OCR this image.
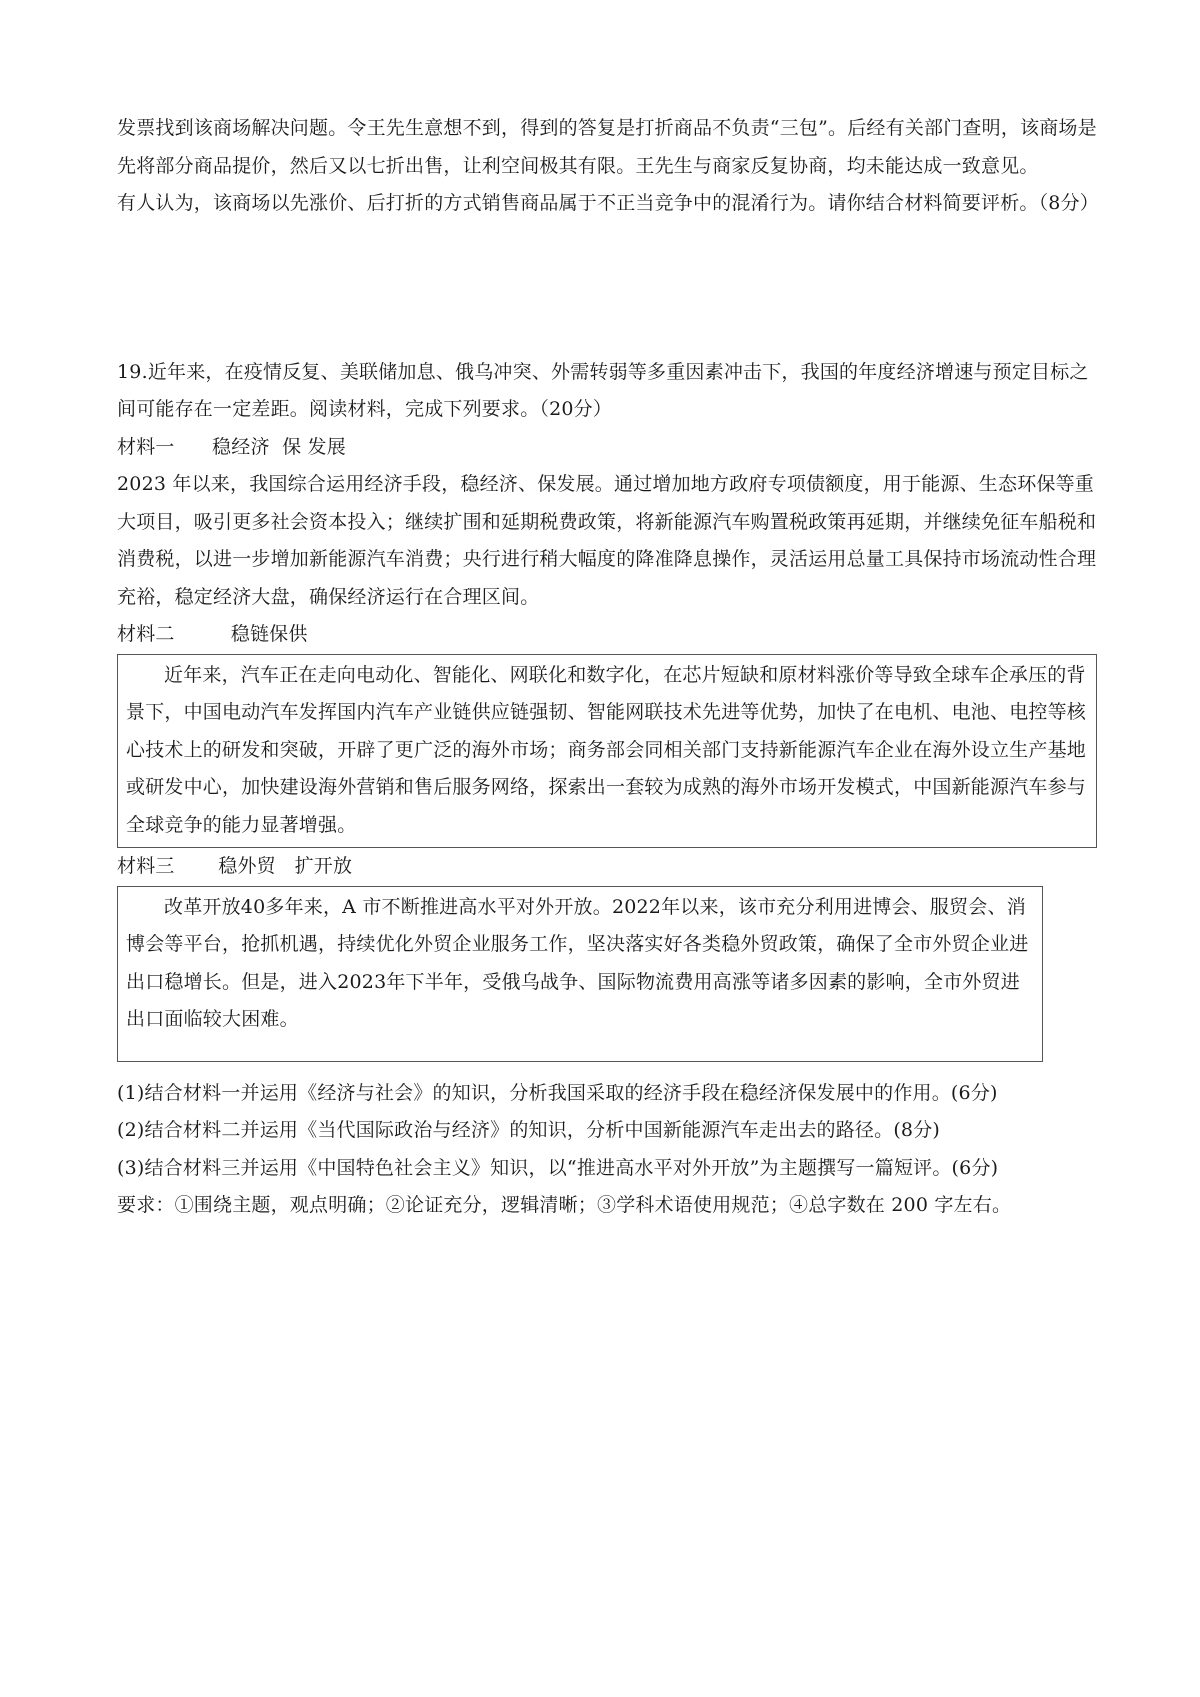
发票找到该商场解决问题。令王先生意想不到，得到的答复是打折商品不负责“三包”。后经有关部门查明，该商场是先将部分商品提价，然后又以七折出售，让利空间极其有限。王先生与商家反复协商，均未能达成一致意见。

有人认为，该商场以先涨价、后打折的方式销售商品属于不正当竞争中的混淆行为。请你结合材料简要评析。（8分）

19.近年来，在疫情反复、美联储加息、俄乌冲突、外需转弱等多重因素冲击下，我国的年度经济增速与预定目标之间可能存在一定差距。阅读材料，完成下列要求。（20分）

材料一      稳经济  保 发展

2023 年以来，我国综合运用经济手段，稳经济、保发展。通过增加地方政府专项债额度，用于能源、生态环保等重大项目，吸引更多社会资本投入；继续扩围和延期税费政策，将新能源汽车购置税政策再延期，并继续免征车船税和消费税，以进一步增加新能源汽车消费；央行进行稍大幅度的降准降息操作，灵活运用总量工具保持市场流动性合理充裕，稳定经济大盘，确保经济运行在合理区间。

材料二         稳链保供

近年来，汽车正在走向电动化、智能化、网联化和数字化，在芯片短缺和原材料涨价等导致全球车企承压的背景下，中国电动汽车发挥国内汽车产业链供应链强韧、智能网联技术先进等优势，加快了在电机、电池、电控等核心技术上的研发和突破，开辟了更广泛的海外市场；商务部会同相关部门支持新能源汽车企业在海外设立生产基地或研发中心，加快建设海外营销和售后服务网络，探索出一套较为成熟的海外市场开发模式，中国新能源汽车参与全球竞争的能力显著增强。

材料三       稳外贸   扩开放

改革开放40多年来，A 市不断推进高水平对外开放。2022年以来，该市充分利用进博会、服贸会、消博会等平台，抢抓机遇，持续优化外贸企业服务工作，坚决落实好各类稳外贸政策，确保了全市外贸企业进出口稳增长。但是，进入2023年下半年，受俄乌战争、国际物流费用高涨等诸多因素的影响，全市外贸进出口面临较大困难。

(1)结合材料一并运用《经济与社会》的知识，分析我国采取的经济手段在稳经济保发展中的作用。(6分)

(2)结合材料二并运用《当代国际政治与经济》的知识，分析中国新能源汽车走出去的路径。(8分)

(3)结合材料三并运用《中国特色社会主义》知识，以“推进高水平对外开放”为主题撰写一篇短评。(6分)

要求：①围绕主题，观点明确；②论证充分，逻辑清晰；③学科术语使用规范；④总字数在 200 字左右。
